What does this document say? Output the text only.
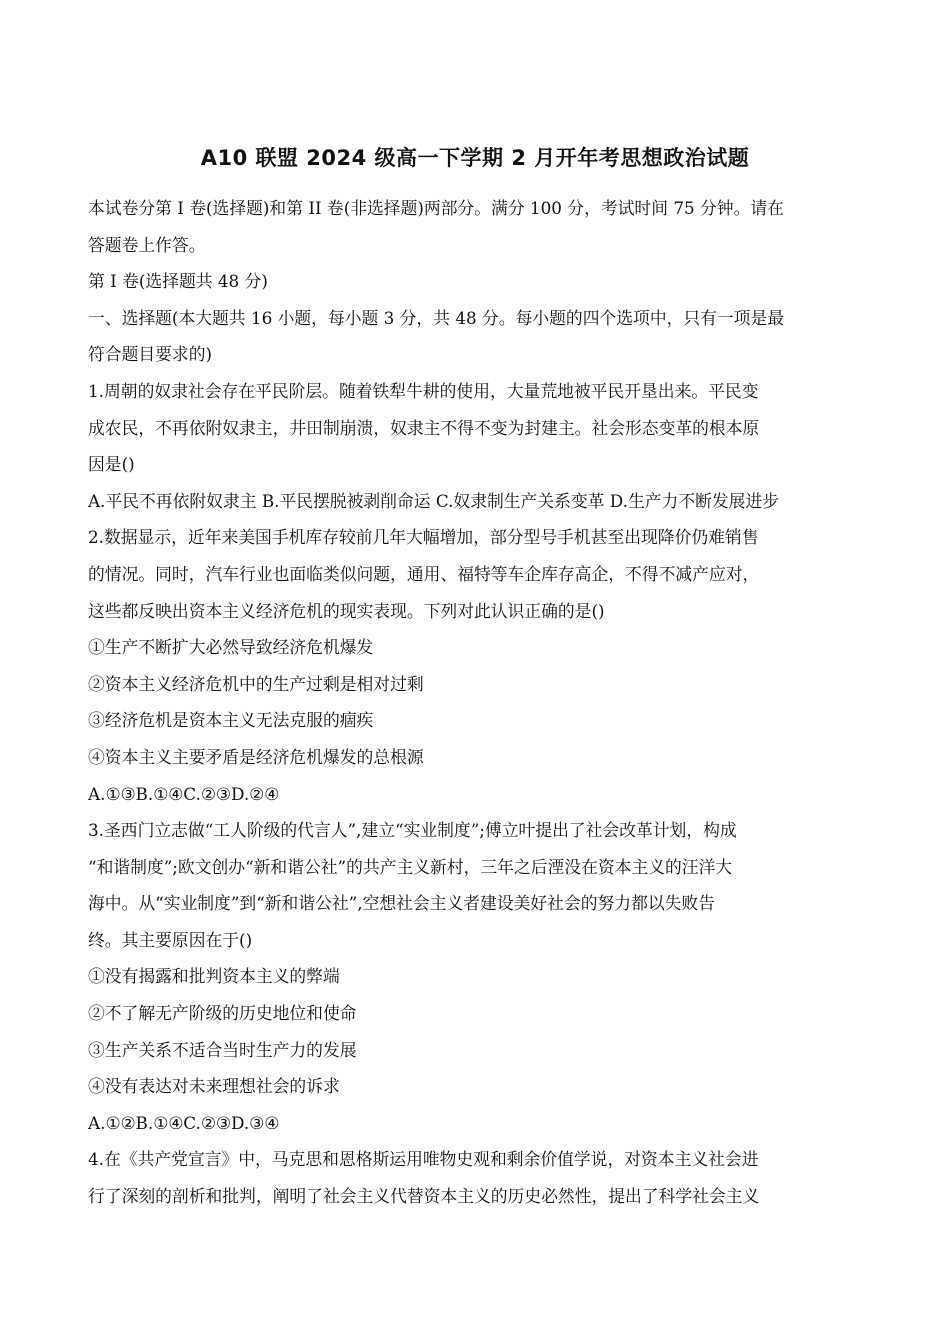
A10 联盟 2024 级高一下学期 2 月开年考思想政治试题

本试卷分第 I 卷(选择题)和第 II 卷(非选择题)两部分。满分 100 分，考试时间 75 分钟。请在

答题卷上作答。

第 I 卷(选择题共 48 分)

一、选择题(本大题共 16 小题，每小题 3 分，共 48 分。每小题的四个选项中，只有一项是最

符合题目要求的)

1.周朝的奴隶社会存在平民阶层。随着铁犁牛耕的使用，大量荒地被平民开垦出来。平民变

成农民，不再依附奴隶主，井田制崩溃，奴隶主不得不变为封建主。社会形态变革的根本原

因是()

A.平民不再依附奴隶主 B.平民摆脱被剥削命运 C.奴隶制生产关系变革 D.生产力不断发展进步

2.数据显示，近年来美国手机库存较前几年大幅增加，部分型号手机甚至出现降价仍难销售

的情况。同时，汽车行业也面临类似问题，通用、福特等车企库存高企，不得不减产应对，

这些都反映出资本主义经济危机的现实表现。下列对此认识正确的是()

①生产不断扩大必然导致经济危机爆发

②资本主义经济危机中的生产过剩是相对过剩

③经济危机是资本主义无法克服的痼疾

④资本主义主要矛盾是经济危机爆发的总根源

A.①③B.①④C.②③D.②④

3.圣西门立志做“工人阶级的代言人”,建立“实业制度”;傅立叶提出了社会改革计划，构成

“和谐制度”;欧文创办“新和谐公社”的共产主义新村，三年之后湮没在资本主义的汪洋大

海中。从“实业制度”到“新和谐公社”,空想社会主义者建设美好社会的努力都以失败告

终。其主要原因在于()

①没有揭露和批判资本主义的弊端

②不了解无产阶级的历史地位和使命

③生产关系不适合当时生产力的发展

④没有表达对未来理想社会的诉求

A.①②B.①④C.②③D.③④

4.在《共产党宣言》中，马克思和恩格斯运用唯物史观和剩余价值学说，对资本主义社会进

行了深刻的剖析和批判，阐明了社会主义代替资本主义的历史必然性，提出了科学社会主义
